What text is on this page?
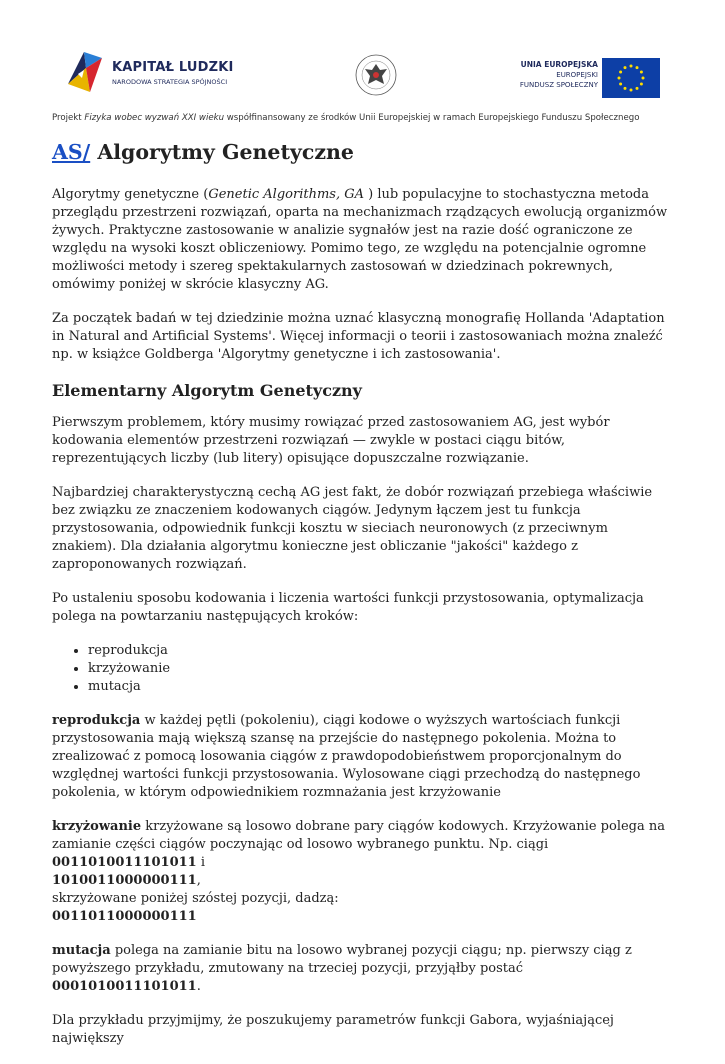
KAPITAŁ LUDZKI
NARODOWA STRATEGIA SPÓJNOŚCI
UNIA EUROPEJSKA
EUROPEJSKI
FUNDUSZ SPOŁECZNY
Projekt Fizyka wobec wyzwań XXI wieku współfinansowany ze środków Unii Europejskiej w ramach Europejskiego Funduszu Społecznego
AS/ Algorytmy Genetyczne

Algorytmy genetyczne (Genetic Algorithms, GA ) lub populacyjne to stochastyczna metoda przeglądu przestrzeni rozwiązań, oparta na mechanizmach rządzących ewolucją organizmów żywych. Praktyczne zastosowanie w analizie sygnałów jest na razie dość ograniczone ze względu na wysoki koszt obliczeniowy. Pomimo tego, ze względu na potencjalnie ogromne możliwości metody i szereg spektakularnych zastosowań w dziedzinach pokrewnych, omówimy poniżej w skrócie klasyczny AG.

Za początek badań w tej dziedzinie można uznać klasyczną monografię Hollanda 'Adaptation in Natural and Artificial Systems'. Więcej informacji o teorii i zastosowaniach można znaleźć np. w książce Goldberga 'Algorytmy genetyczne i ich zastosowania'.

Elementarny Algorytm Genetyczny

Pierwszym problemem, który musimy rowiązać przed zastosowaniem AG, jest wybór kodowania elementów przestrzeni rozwiązań — zwykle w postaci ciągu bitów, reprezentujących liczby (lub litery) opisujące dopuszczalne rozwiązanie.

Najbardziej charakterystyczną cechą AG jest fakt, że dobór rozwiązań przebiega właściwie bez związku ze znaczeniem kodowanych ciągów. Jedynym łączem jest tu funkcja przystosowania, odpowiednik funkcji kosztu w sieciach neuronowych (z przeciwnym znakiem). Dla działania algorytmu konieczne jest obliczanie "jakości" każdego z zaproponowanych rozwiązań.

Po ustaleniu sposobu kodowania i liczenia wartości funkcji przystosowania, optymalizacja polega na powtarzaniu następujących kroków:

• reprodukcja
• krzyżowanie
• mutacja

reprodukcja w każdej pętli (pokoleniu), ciągi kodowe o wyższych wartościach funkcji przystosowania mają większą szansę na przejście do następnego pokolenia. Można to zrealizować z pomocą losowania ciągów z prawdopodobieństwem proporcjonalnym do względnej wartości funkcji przystosowania. Wylosowane ciągi przechodzą do następnego pokolenia, w którym odpowiednikiem rozmnażania jest krzyżowanie

krzyżowanie krzyżowane są losowo dobrane pary ciągów kodowych. Krzyżowanie polega na zamianie części ciągów poczynając od losowo wybranego punktu. Np. ciągi
0011010011101011 i
1010011000000111,
skrzyżowane poniżej szóstej pozycji, dadzą:
0011011000000111

mutacja polega na zamianie bitu na losowo wybranej pozycji ciągu; np. pierwszy ciąg z powyższego przykładu, zmutowany na trzeciej pozycji, przyjąłby postać 0001010011101011.

Dla przykładu przyjmijmy, że poszukujemy parametrów funkcji Gabora, wyjaśniającej największy
